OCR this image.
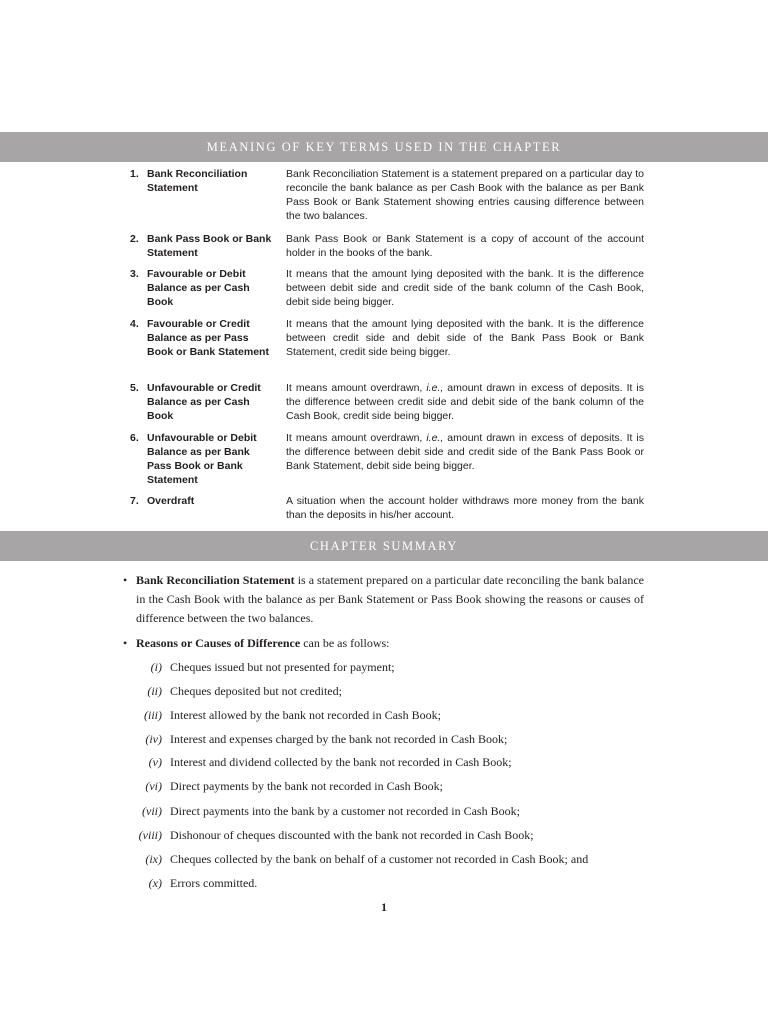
MEANING OF KEY TERMS USED IN THE CHAPTER
1. Bank Reconciliation Statement
Bank Reconciliation Statement is a statement prepared on a particular day to reconcile the bank balance as per Cash Book with the balance as per Bank Pass Book or Bank Statement showing entries causing difference between the two balances.
2. Bank Pass Book or Bank Statement
Bank Pass Book or Bank Statement is a copy of account of the account holder in the books of the bank.
3. Favourable or Debit Balance as per Cash Book
It means that the amount lying deposited with the bank. It is the difference between debit side and credit side of the bank column of the Cash Book, debit side being bigger.
4. Favourable or Credit Balance as per Pass Book or Bank Statement
It means that the amount lying deposited with the bank. It is the difference between credit side and debit side of the Bank Pass Book or Bank Statement, credit side being bigger.
5. Unfavourable or Credit Balance as per Cash Book
It means amount overdrawn, i.e., amount drawn in excess of deposits. It is the difference between credit side and debit side of the bank column of the Cash Book, credit side being bigger.
6. Unfavourable or Debit Balance as per Bank Pass Book or Bank Statement
It means amount overdrawn, i.e., amount drawn in excess of deposits. It is the difference between debit side and credit side of the Bank Pass Book or Bank Statement, debit side being bigger.
7. Overdraft	A situation when the account holder withdraws more money from the bank than the deposits in his/her account.
CHAPTER SUMMARY
• Bank Reconciliation Statement is a statement prepared on a particular date reconciling the bank balance in the Cash Book with the balance as per Bank Statement or Pass Book showing the reasons or causes of difference between the two balances.
• Reasons or Causes of Difference can be as follows:
(i) Cheques issued but not presented for payment;
(ii) Cheques deposited but not credited;
(iii) Interest allowed by the bank not recorded in Cash Book;
(iv) Interest and expenses charged by the bank not recorded in Cash Book;
(v) Interest and dividend collected by the bank not recorded in Cash Book;
(vi) Direct payments by the bank not recorded in Cash Book;
(vii) Direct payments into the bank by a customer not recorded in Cash Book;
(viii) Dishonour of cheques discounted with the bank not recorded in Cash Book;
(ix) Cheques collected by the bank on behalf of a customer not recorded in Cash Book; and
(x) Errors committed.
1
